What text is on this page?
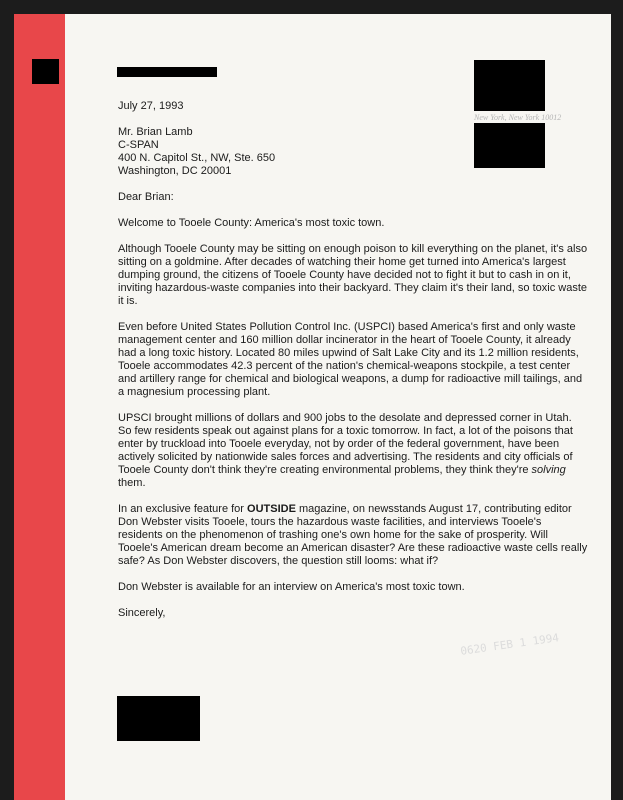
New York, New York 10012
0620 FEB 1 1994

July 27, 1993

Mr. Brian Lamb

C-SPAN

400 N. Capitol St., NW, Ste. 650

Washington, DC 20001

Dear Brian:

Welcome to Tooele County: America's most toxic town.

Although Tooele County may be sitting on enough poison to kill everything on the planet, it's also sitting on a goldmine. After decades of watching their home get turned into America's largest dumping ground, the citizens of Tooele County have decided not to fight it but to cash in on it, inviting hazardous-waste companies into their backyard. They claim it's their land, so toxic waste it is.

Even before United States Pollution Control Inc. (USPCI) based America's first and only waste management center and 160 million dollar incinerator in the heart of Tooele County, it already had a long toxic history. Located 80 miles upwind of Salt Lake City and its 1.2 million residents, Tooele accommodates 42.3 percent of the nation's chemical-weapons stockpile, a test center and artillery range for chemical and biological weapons, a dump for radioactive mill tailings, and a magnesium processing plant.

UPSCI brought millions of dollars and 900 jobs to the desolate and depressed corner in Utah. So few residents speak out against plans for a toxic tomorrow. In fact, a lot of the poisons that enter by truckload into Tooele everyday, not by order of the federal government, have been actively solicited by nationwide sales forces and advertising. The residents and city officials of Tooele County don't think they're creating environmental problems, they think they're solving them.

In an exclusive feature for OUTSIDE magazine, on newsstands August 17, contributing editor Don Webster visits Tooele, tours the hazardous waste facilities, and interviews Tooele's residents on the phenomenon of trashing one's own home for the sake of prosperity. Will Tooele's American dream become an American disaster? Are these radioactive waste cells really safe? As Don Webster discovers, the question still looms: what if?

Don Webster is available for an interview on America's most toxic town.

Sincerely,
